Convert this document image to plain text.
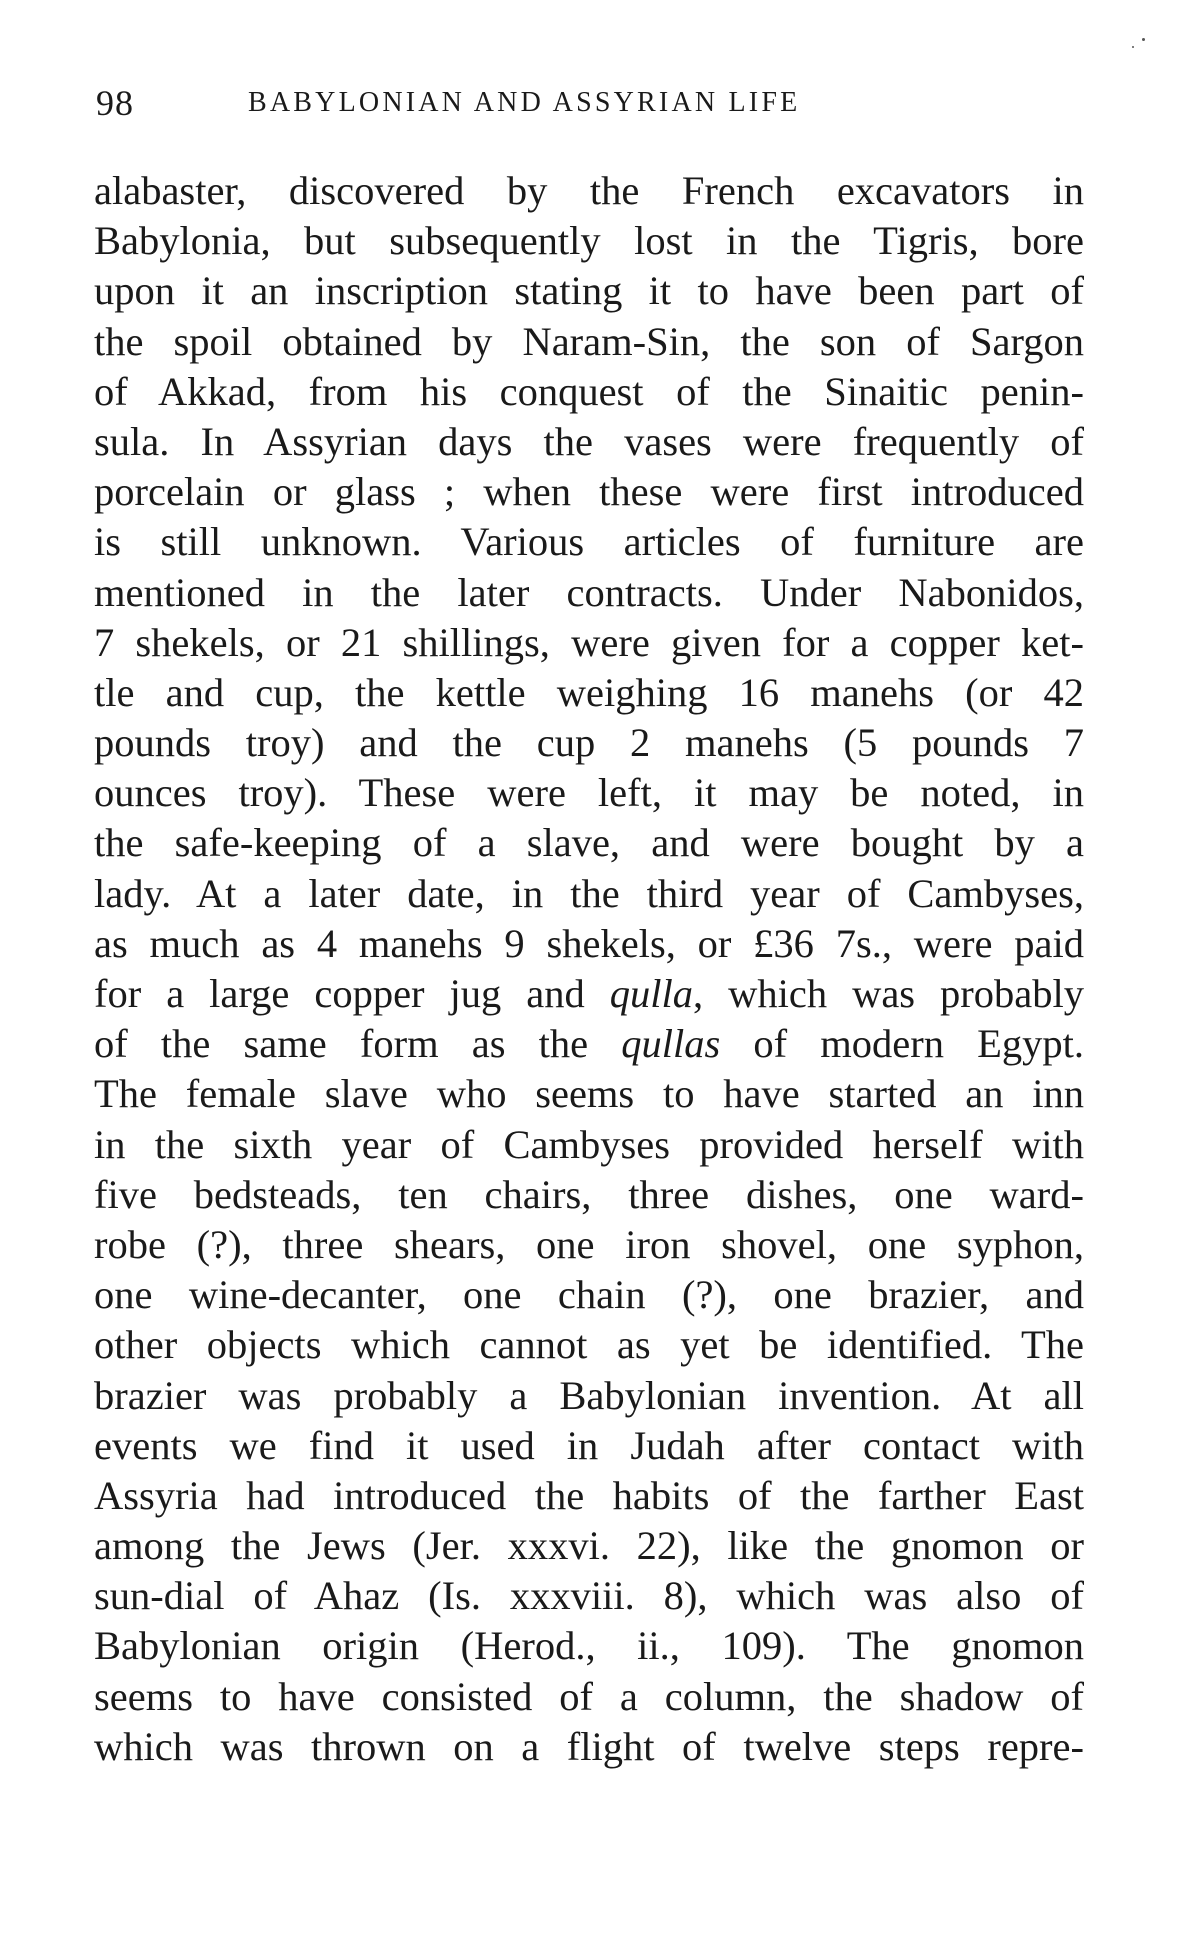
98	BABYLONIAN AND ASSYRIAN LIFE
alabaster, discovered by the French excavators in
Babylonia, but subsequently lost in the Tigris, bore
upon it an inscription stating it to have been part of
the spoil obtained by Naram-Sin, the son of Sargon
of Akkad, from his conquest of the Sinaitic penin-
sula. In Assyrian days the vases were frequently of
porcelain or glass ; when these were first introduced
is still unknown. Various articles of furniture are
mentioned in the later contracts. Under Nabonidos,
7 shekels, or 21 shillings, were given for a copper ket-
tle and cup, the kettle weighing 16 manehs (or 42
pounds troy) and the cup 2 manehs (5 pounds 7
ounces troy). These were left, it may be noted, in
the safe-keeping of a slave, and were bought by a
lady. At a later date, in the third year of Cambyses,
as much as 4 manehs 9 shekels, or £36 7s., were paid
for a large copper jug and qulla, which was probably
of the same form as the qullas of modern Egypt.
The female slave who seems to have started an inn
in the sixth year of Cambyses provided herself with
five bedsteads, ten chairs, three dishes, one ward-
robe (?), three shears, one iron shovel, one syphon,
one wine-decanter, one chain (?), one brazier, and
other objects which cannot as yet be identified. The
brazier was probably a Babylonian invention. At all
events we find it used in Judah after contact with
Assyria had introduced the habits of the farther East
among the Jews (Jer. xxxvi. 22), like the gnomon or
sun-dial of Ahaz (Is. xxxviii. 8), which was also of
Babylonian origin (Herod., ii., 109). The gnomon
seems to have consisted of a column, the shadow of
which was thrown on a flight of twelve steps repre-
